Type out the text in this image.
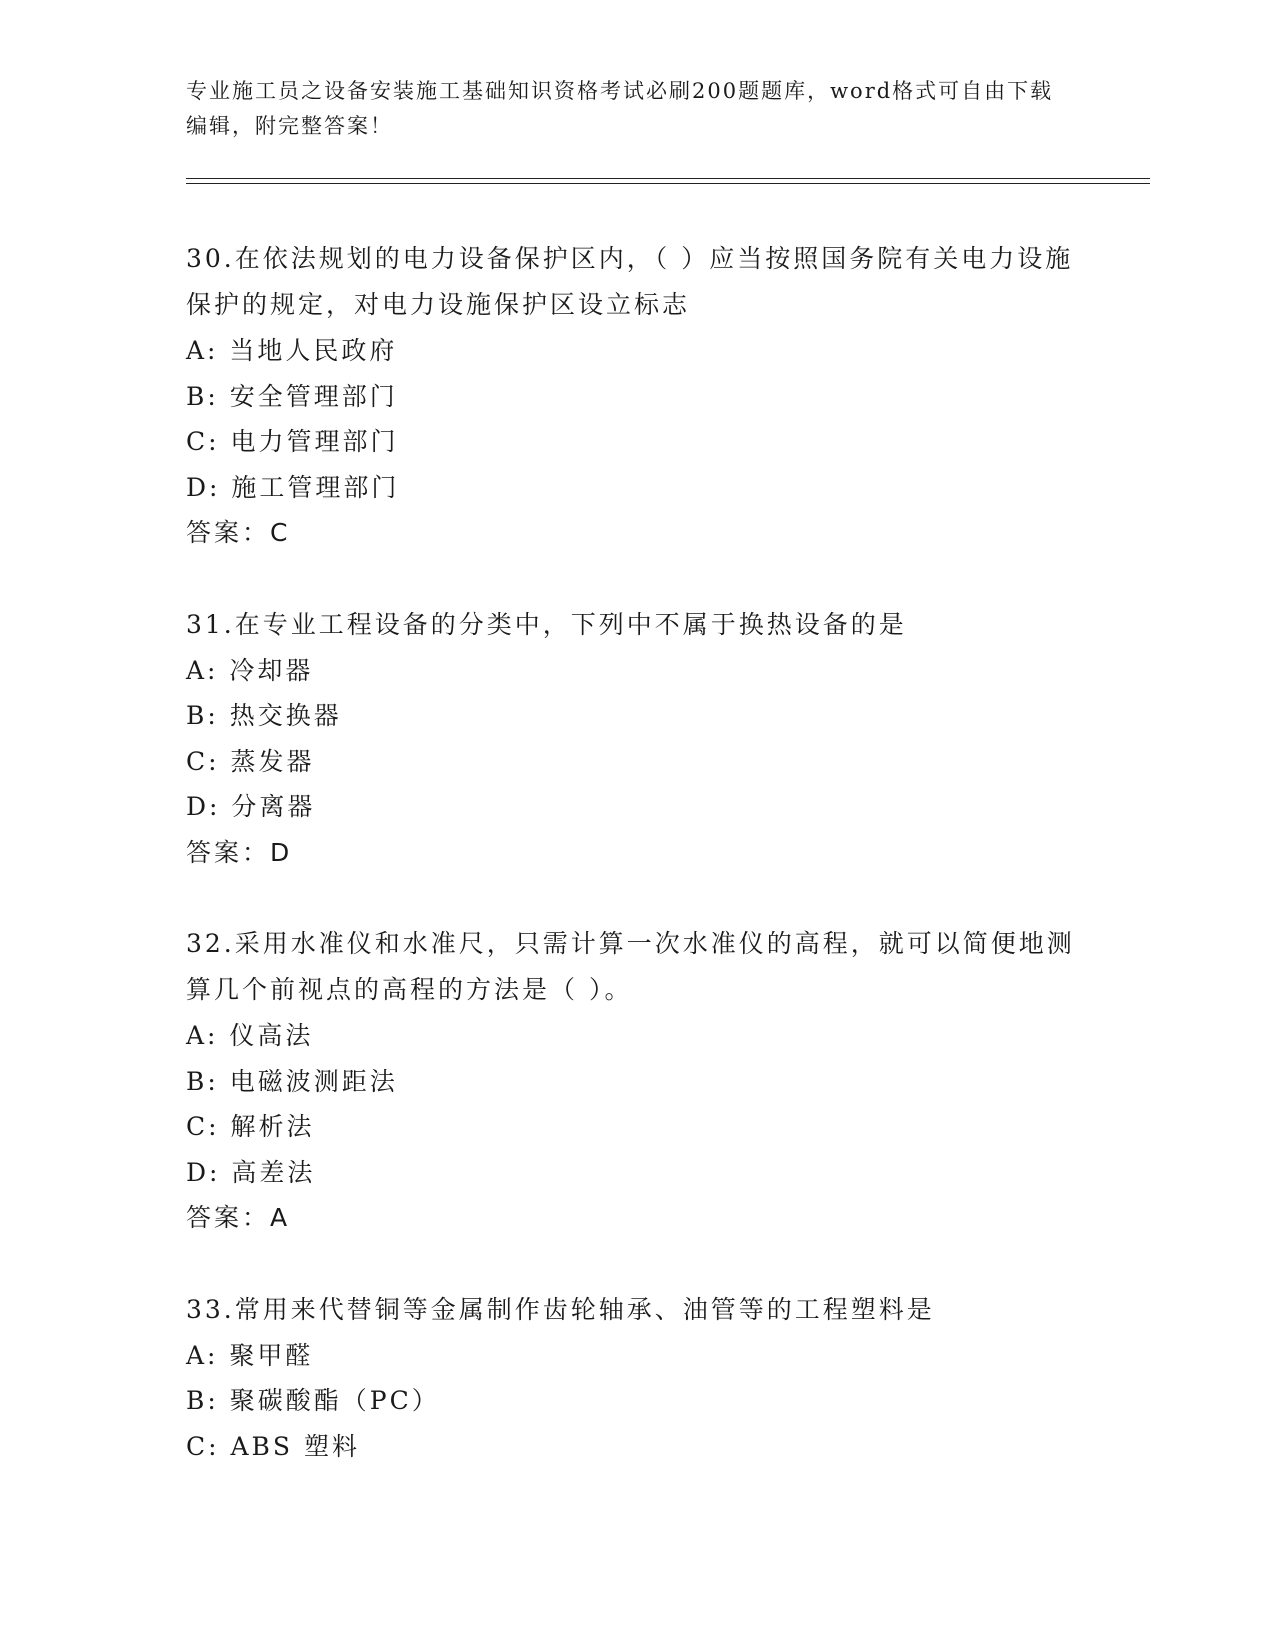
专业施工员之设备安装施工基础知识资格考试必刷200题题库，word格式可自由下载编辑，附完整答案！

30.在依法规划的电力设备保护区内，（ ）应当按照国务院有关电力设施保护的规定，对电力设施保护区设立标志

A: 当地人民政府

B: 安全管理部门

C: 电力管理部门

D: 施工管理部门

答案：C

31.在专业工程设备的分类中，下列中不属于换热设备的是

A: 冷却器

B: 热交换器

C: 蒸发器

D: 分离器

答案：D

32.采用水准仪和水准尺，只需计算一次水准仪的高程，就可以简便地测算几个前视点的高程的方法是（ ）。

A: 仪高法

B: 电磁波测距法

C: 解析法

D: 高差法

答案：A

33.常用来代替铜等金属制作齿轮轴承、油管等的工程塑料是

A: 聚甲醛

B: 聚碳酸酯（PC）

C: ABS 塑料
